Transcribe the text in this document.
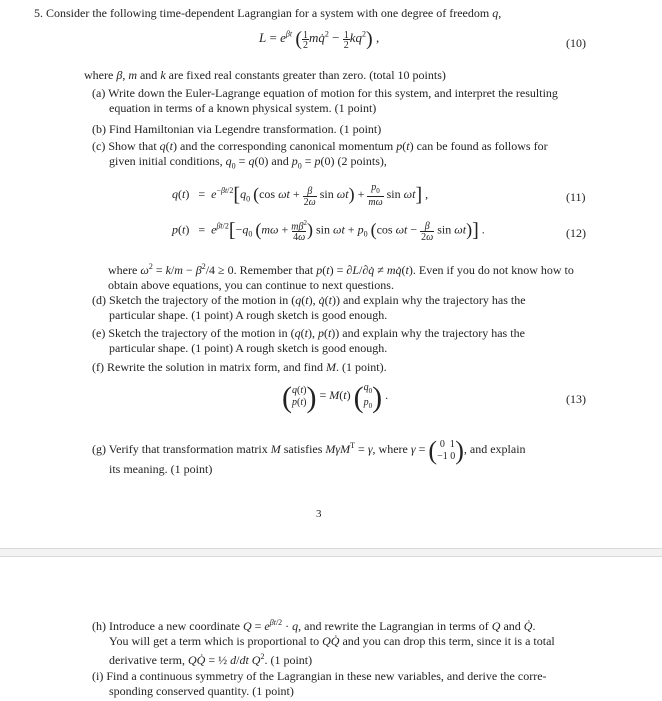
5. Consider the following time-dependent Lagrangian for a system with one degree of freedom q,
$L = e^{\beta t}$ (1
2mq̇$^2$ − 1
$2kq^2$) ,	(10)
where β, m and k are fixed real constants greater than zero. (total 10 points)
(a) Write down the Euler-Lagrange equation of motion for this system, and interpret the resulting
equation in terms of a known physical system. (1 point)
(b) Find Hamiltonian via Legendre transformation. (1 point)
(c) Show that q(t) and the corresponding canonical momentum p(t) can be found as follows for
given initial conditions, $q_0 = q(0)$ and $p_0 = p(0)$ (2 points),
$q(t) = e^{-\beta t/2}[q_0$ (cos $\omega t + \frac{\beta}{2\omega}$ $\sin \omega t) + p_0$
mω sin ωt] ,	(11)
$p(t) = e^{\beta t/2}[-q_0$ ($m\omega + m\beta^2$
4ω ) $\sin \omega t + p_0$ (cos $\omega t - \frac{\beta}{2\omega}$ sin ωt)] .	(12)
where $\omega^2 = k/m - \beta^2/4 \ge 0$. Remember that p(t) = ∂L/∂q̇ ≠ mq̇(t). Even if you do not know how to
obtain above equations, you can continue to next questions.
(d) Sketch the trajectory of the motion in (q(t), q̇(t)) and explain why the trajectory has the
particular shape. (1 point) A rough sketch is good enough.
(e) Sketch the trajectory of the motion in (q(t), p(t)) and explain why the trajectory has the
particular shape. (1 point) A rough sketch is good enough.
(f) Rewrite the solution in matrix form, and find M. (1 point).
(q(t)
p(t)) = M(t) ($q_0$
$p_0$) .	(13)
(g) Verify that transformation matrix M satisfies MγM$^T$ = γ, where γ = ( 0  1
−1 0), and explain
its meaning. (1 point)
3
(h) Introduce a new coordinate $Q = e^{\beta t/2} \cdot q$, and rewrite the Lagrangian in terms of Q and Q̇.
You will get a term which is proportional to QQ̇ and you can drop this term, since it is a total
derivative term, QQ̇ = ½ d/dt $Q^2$. (1 point)
(i) Find a continuous symmetry of the Lagrangian in these new variables, and derive the corre-
sponding conserved quantity. (1 point)
